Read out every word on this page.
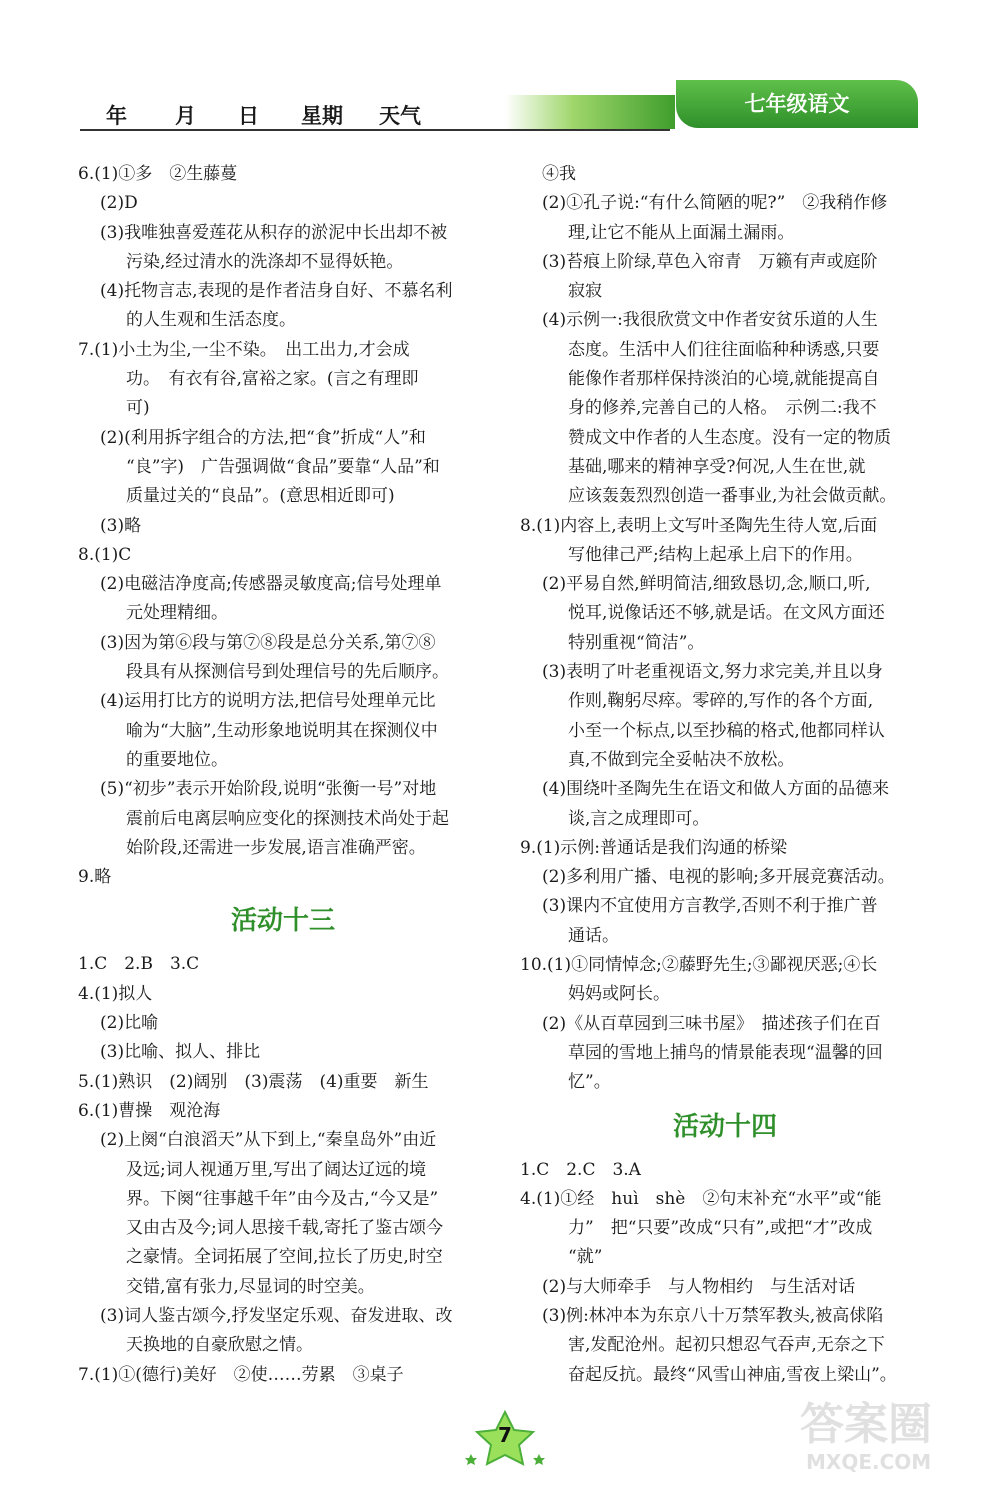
年 月 日 星期 天气	七年级语文
6.(1)①多　②生藤蔓
(2)D
(3)我唯独喜爱莲花从积存的淤泥中长出却不被
污染,经过清水的洗涤却不显得妖艳。
(4)托物言志,表现的是作者洁身自好、不慕名利
的人生观和生活态度。
7.(1)小土为尘,一尘不染。　出工出力,才会成
功。　有衣有谷,富裕之家。(言之有理即
可)
(2)(利用拆字组合的方法,把“食”折成“人”和
“良”字)　广告强调做“食品”要靠“人品”和
质量过关的“良品”。(意思相近即可)
(3)略
8.(1)C
(2)电磁洁净度高;传感器灵敏度高;信号处理单
元处理精细。
(3)因为第⑥段与第⑦⑧段是总分关系,第⑦⑧
段具有从探测信号到处理信号的先后顺序。
(4)运用打比方的说明方法,把信号处理单元比
喻为“大脑”,生动形象地说明其在探测仪中
的重要地位。
(5)“初步”表示开始阶段,说明“张衡一号”对地
震前后电离层响应变化的探测技术尚处于起
始阶段,还需进一步发展,语言准确严密。
9.略
活动十三
1.C　2.B　3.C
4.(1)拟人
(2)比喻
(3)比喻、拟人、排比
5.(1)熟识　(2)阔别　(3)震荡　(4)重要　新生
6.(1)曹操　观沧海
(2)上阕“白浪滔天”从下到上,“秦皇岛外”由近
及远;词人视通万里,写出了阔达辽远的境
界。下阕“往事越千年”由今及古,“今又是”
又由古及今;词人思接千载,寄托了鉴古颂今
之豪情。全词拓展了空间,拉长了历史,时空
交错,富有张力,尽显词的时空美。
(3)词人鉴古颂今,抒发坚定乐观、奋发进取、改
天换地的自豪欣慰之情。
7.(1)①(德行)美好　②使……劳累　③桌子
④我
(2)①孔子说:“有什么简陋的呢?”　②我稍作修
理,让它不能从上面漏土漏雨。
(3)苔痕上阶绿,草色入帘青　万籁有声或庭阶
寂寂
(4)示例一:我很欣赏文中作者安贫乐道的人生
态度。生活中人们往往面临种种诱惑,只要
能像作者那样保持淡泊的心境,就能提高自
身的修养,完善自己的人格。　示例二:我不
赞成文中作者的人生态度。没有一定的物质
基础,哪来的精神享受?何况,人生在世,就
应该轰轰烈烈创造一番事业,为社会做贡献。
8.(1)内容上,表明上文写叶圣陶先生待人宽,后面
写他律己严;结构上起承上启下的作用。
(2)平易自然,鲜明简洁,细致恳切,念,顺口,听,
悦耳,说像话还不够,就是话。在文风方面还
特别重视“简洁”。
(3)表明了叶老重视语文,努力求完美,并且以身
作则,鞠躬尽瘁。零碎的,写作的各个方面,
小至一个标点,以至抄稿的格式,他都同样认
真,不做到完全妥帖决不放松。
(4)围绕叶圣陶先生在语文和做人方面的品德来
谈,言之成理即可。
9.(1)示例:普通话是我们沟通的桥梁
(2)多利用广播、电视的影响;多开展竞赛活动。
(3)课内不宜使用方言教学,否则不利于推广普
通话。
10.(1)①同情悼念;②藤野先生;③鄙视厌恶;④长
妈妈或阿长。
(2)《从百草园到三味书屋》　描述孩子们在百
草园的雪地上捕鸟的情景能表现“温馨的回
忆”。
活动十四
1.C　2.C　3.A
4.(1)①经　huì　shè　②句末补充“水平”或“能
力”　把“只要”改成“只有”,或把“才”改成
“就”
(2)与大师牵手　与人物相约　与生活对话
(3)例:林冲本为东京八十万禁军教头,被高俅陷
害,发配沧州。起初只想忍气吞声,无奈之下
奋起反抗。最终“风雪山神庙,雪夜上梁山”。
7	答案圈
MXQE.COM
